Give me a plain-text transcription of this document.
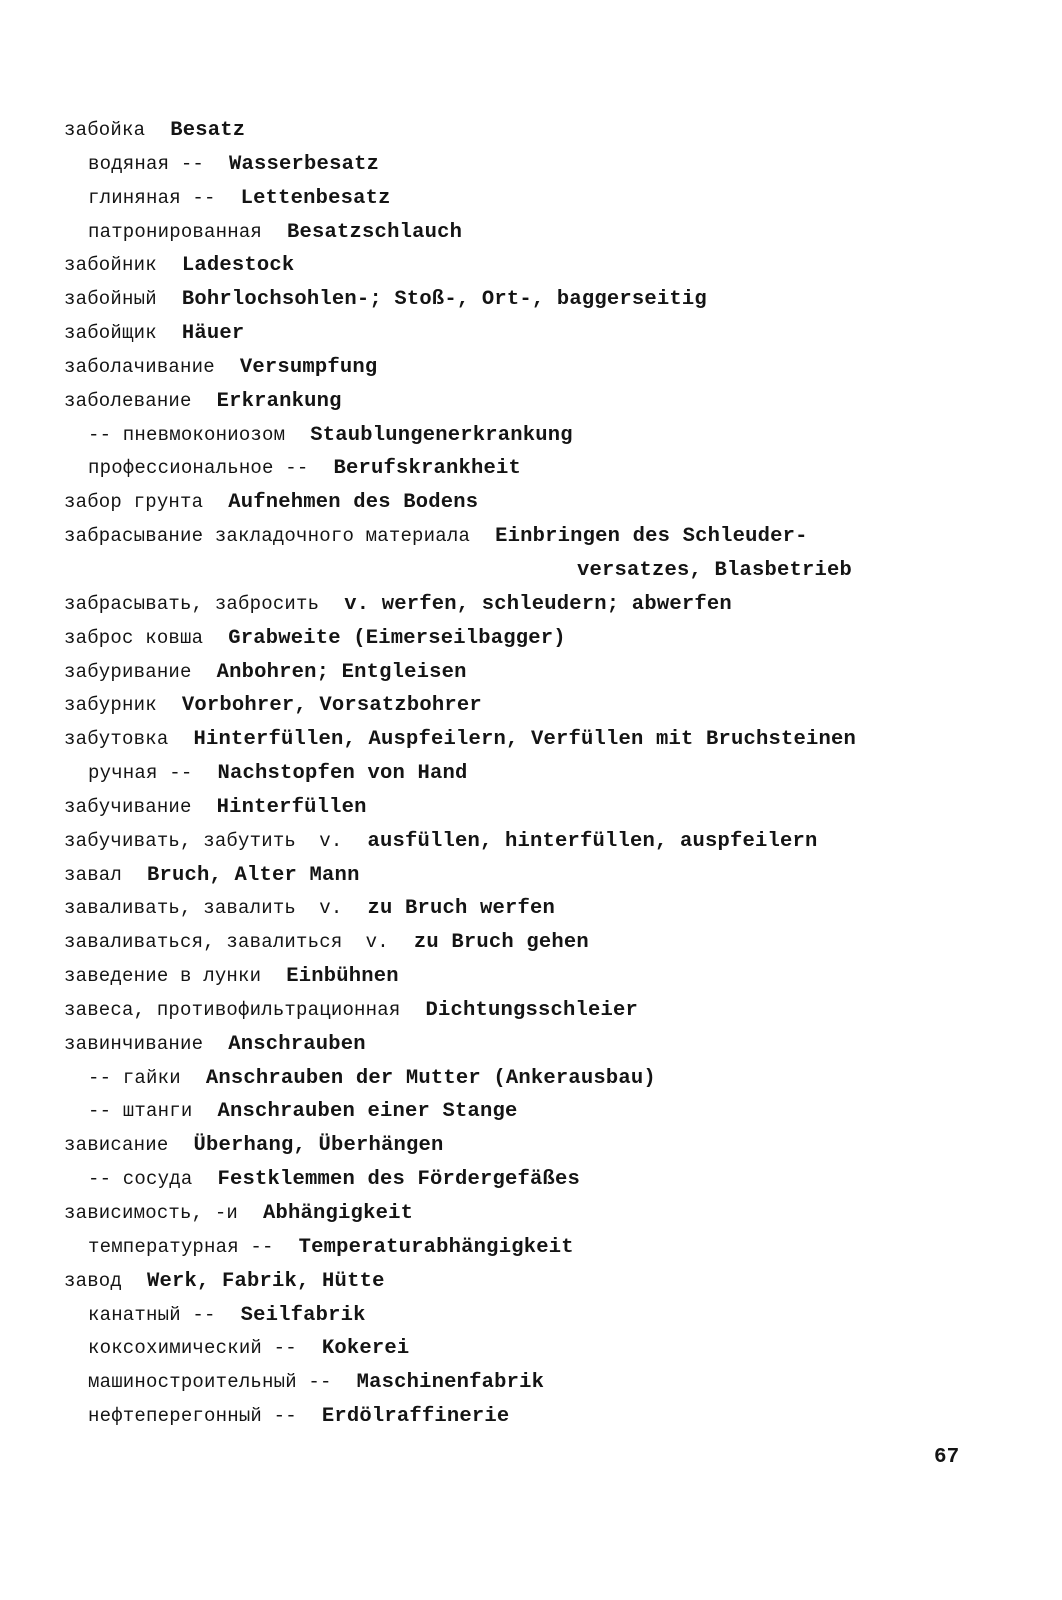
забойка Besatz
водяная -- Wasserbesatz
глиняная -- Lettenbesatz
патронированная Besatzschlauch
забойник Ladestock
забойный Bohrlochsohlen-; Stoß-, Ort-, baggerseitig
забойщик Häuer
заболачивание Versumpfung
заболевание Erkrankung
-- пневмокониозом Staublungenerkrankung
профессиональное -- Berufskrankheit
забор грунта Aufnehmen des Bodens
забрасывание закладочного материала Einbringen des Schleuder-
versatzes, Blasbetrieb
забрасывать, забросить v. werfen, schleudern; abwerfen
заброс ковша Grabweite (Eimerseilbagger)
забуривание Anbohren; Entgleisen
забурник Vorbohrer, Vorsatzbohrer
забутовка Hinterfüllen, Auspfeilern, Verfüllen mit Bruchsteinen
ручная -- Nachstopfen von Hand
забучивание Hinterfüllen
забучивать, забутить  v. ausfüllen, hinterfüllen, auspfeilern
завал Bruch, Alter Mann
заваливать, завалить  v. zu Bruch werfen
заваливаться, завалиться  v. zu Bruch gehen
заведение в лунки Einbühnen
завеса, противофильтрационная Dichtungsschleier
завинчивание Anschrauben
-- гайки Anschrauben der Mutter (Ankerausbau)
-- штанги Anschrauben einer Stange
зависание Überhang, Überhängen
-- сосуда Festklemmen des Fördergefäßes
зависимость, -и Abhängigkeit
температурная -- Temperaturabhängigkeit
завод Werk, Fabrik, Hütte
канатный -- Seilfabrik
коксохимический -- Kokerei
машиностроительный -- Maschinenfabrik
нефтеперегонный -- Erdölraffinerie
67
